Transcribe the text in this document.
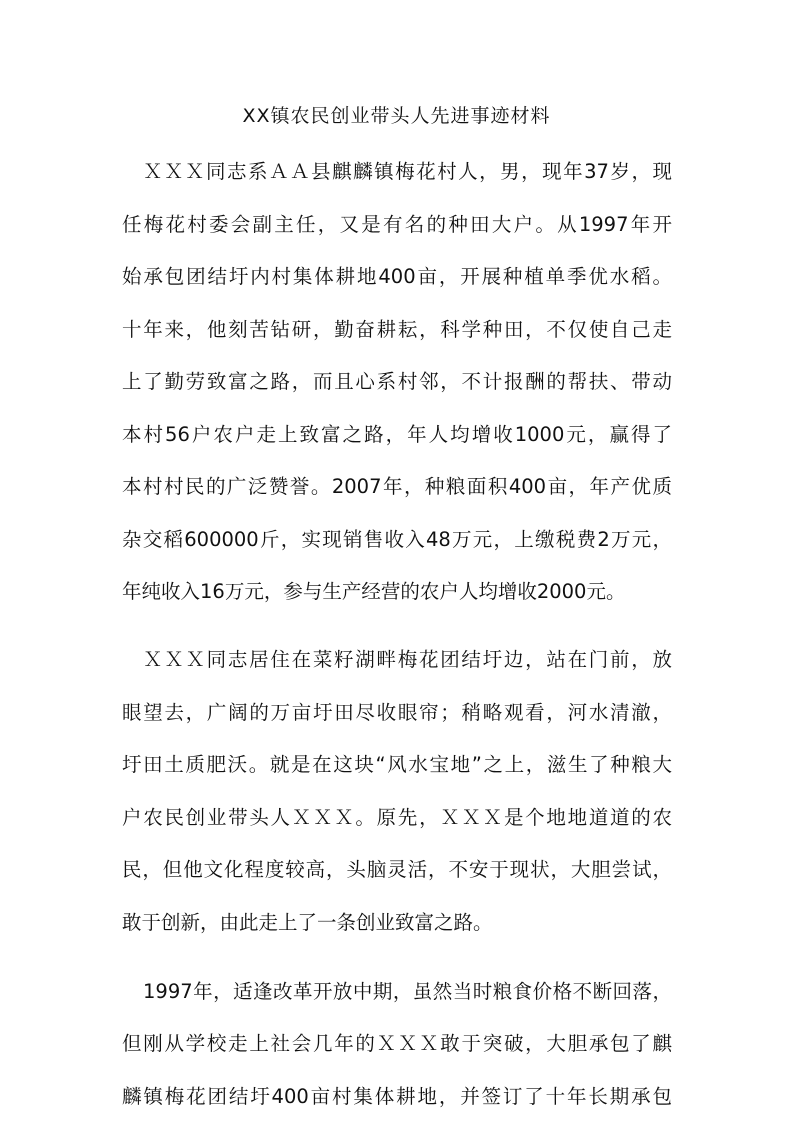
XX镇农民创业带头人先进事迹材料
ＸＸＸ同志系ＡＡ县麒麟镇梅花村人，男，现年37岁，现
任梅花村委会副主任，又是有名的种田大户。从1997年开
始承包团结圩内村集体耕地400亩，开展种植单季优水稻。
十年来，他刻苦钻研，勤奋耕耘，科学种田，不仅使自己走
上了勤劳致富之路，而且心系村邻，不计报酬的帮扶、带动
本村56户农户走上致富之路，年人均增收1000元，赢得了
本村村民的广泛赞誉。2007年，种粮面积400亩，年产优质
杂交稻600000斤，实现销售收入48万元，上缴税费2万元，
年纯收入16万元，参与生产经营的农户人均增收2000元。
ＸＸＸ同志居住在菜籽湖畔梅花团结圩边，站在门前，放
眼望去，广阔的万亩圩田尽收眼帘；稍略观看，河水清澈，
圩田土质肥沃。就是在这块“风水宝地”之上，滋生了种粮大
户农民创业带头人ＸＸＸ。原先，ＸＸＸ是个地地道道的农
民，但他文化程度较高，头脑灵活，不安于现状，大胆尝试，
敢于创新，由此走上了一条创业致富之路。
1997年，适逢改革开放中期，虽然当时粮食价格不断回落，
但刚从学校走上社会几年的ＸＸＸ敢于突破，大胆承包了麒
麟镇梅花团结圩400亩村集体耕地，并签订了十年长期承包
